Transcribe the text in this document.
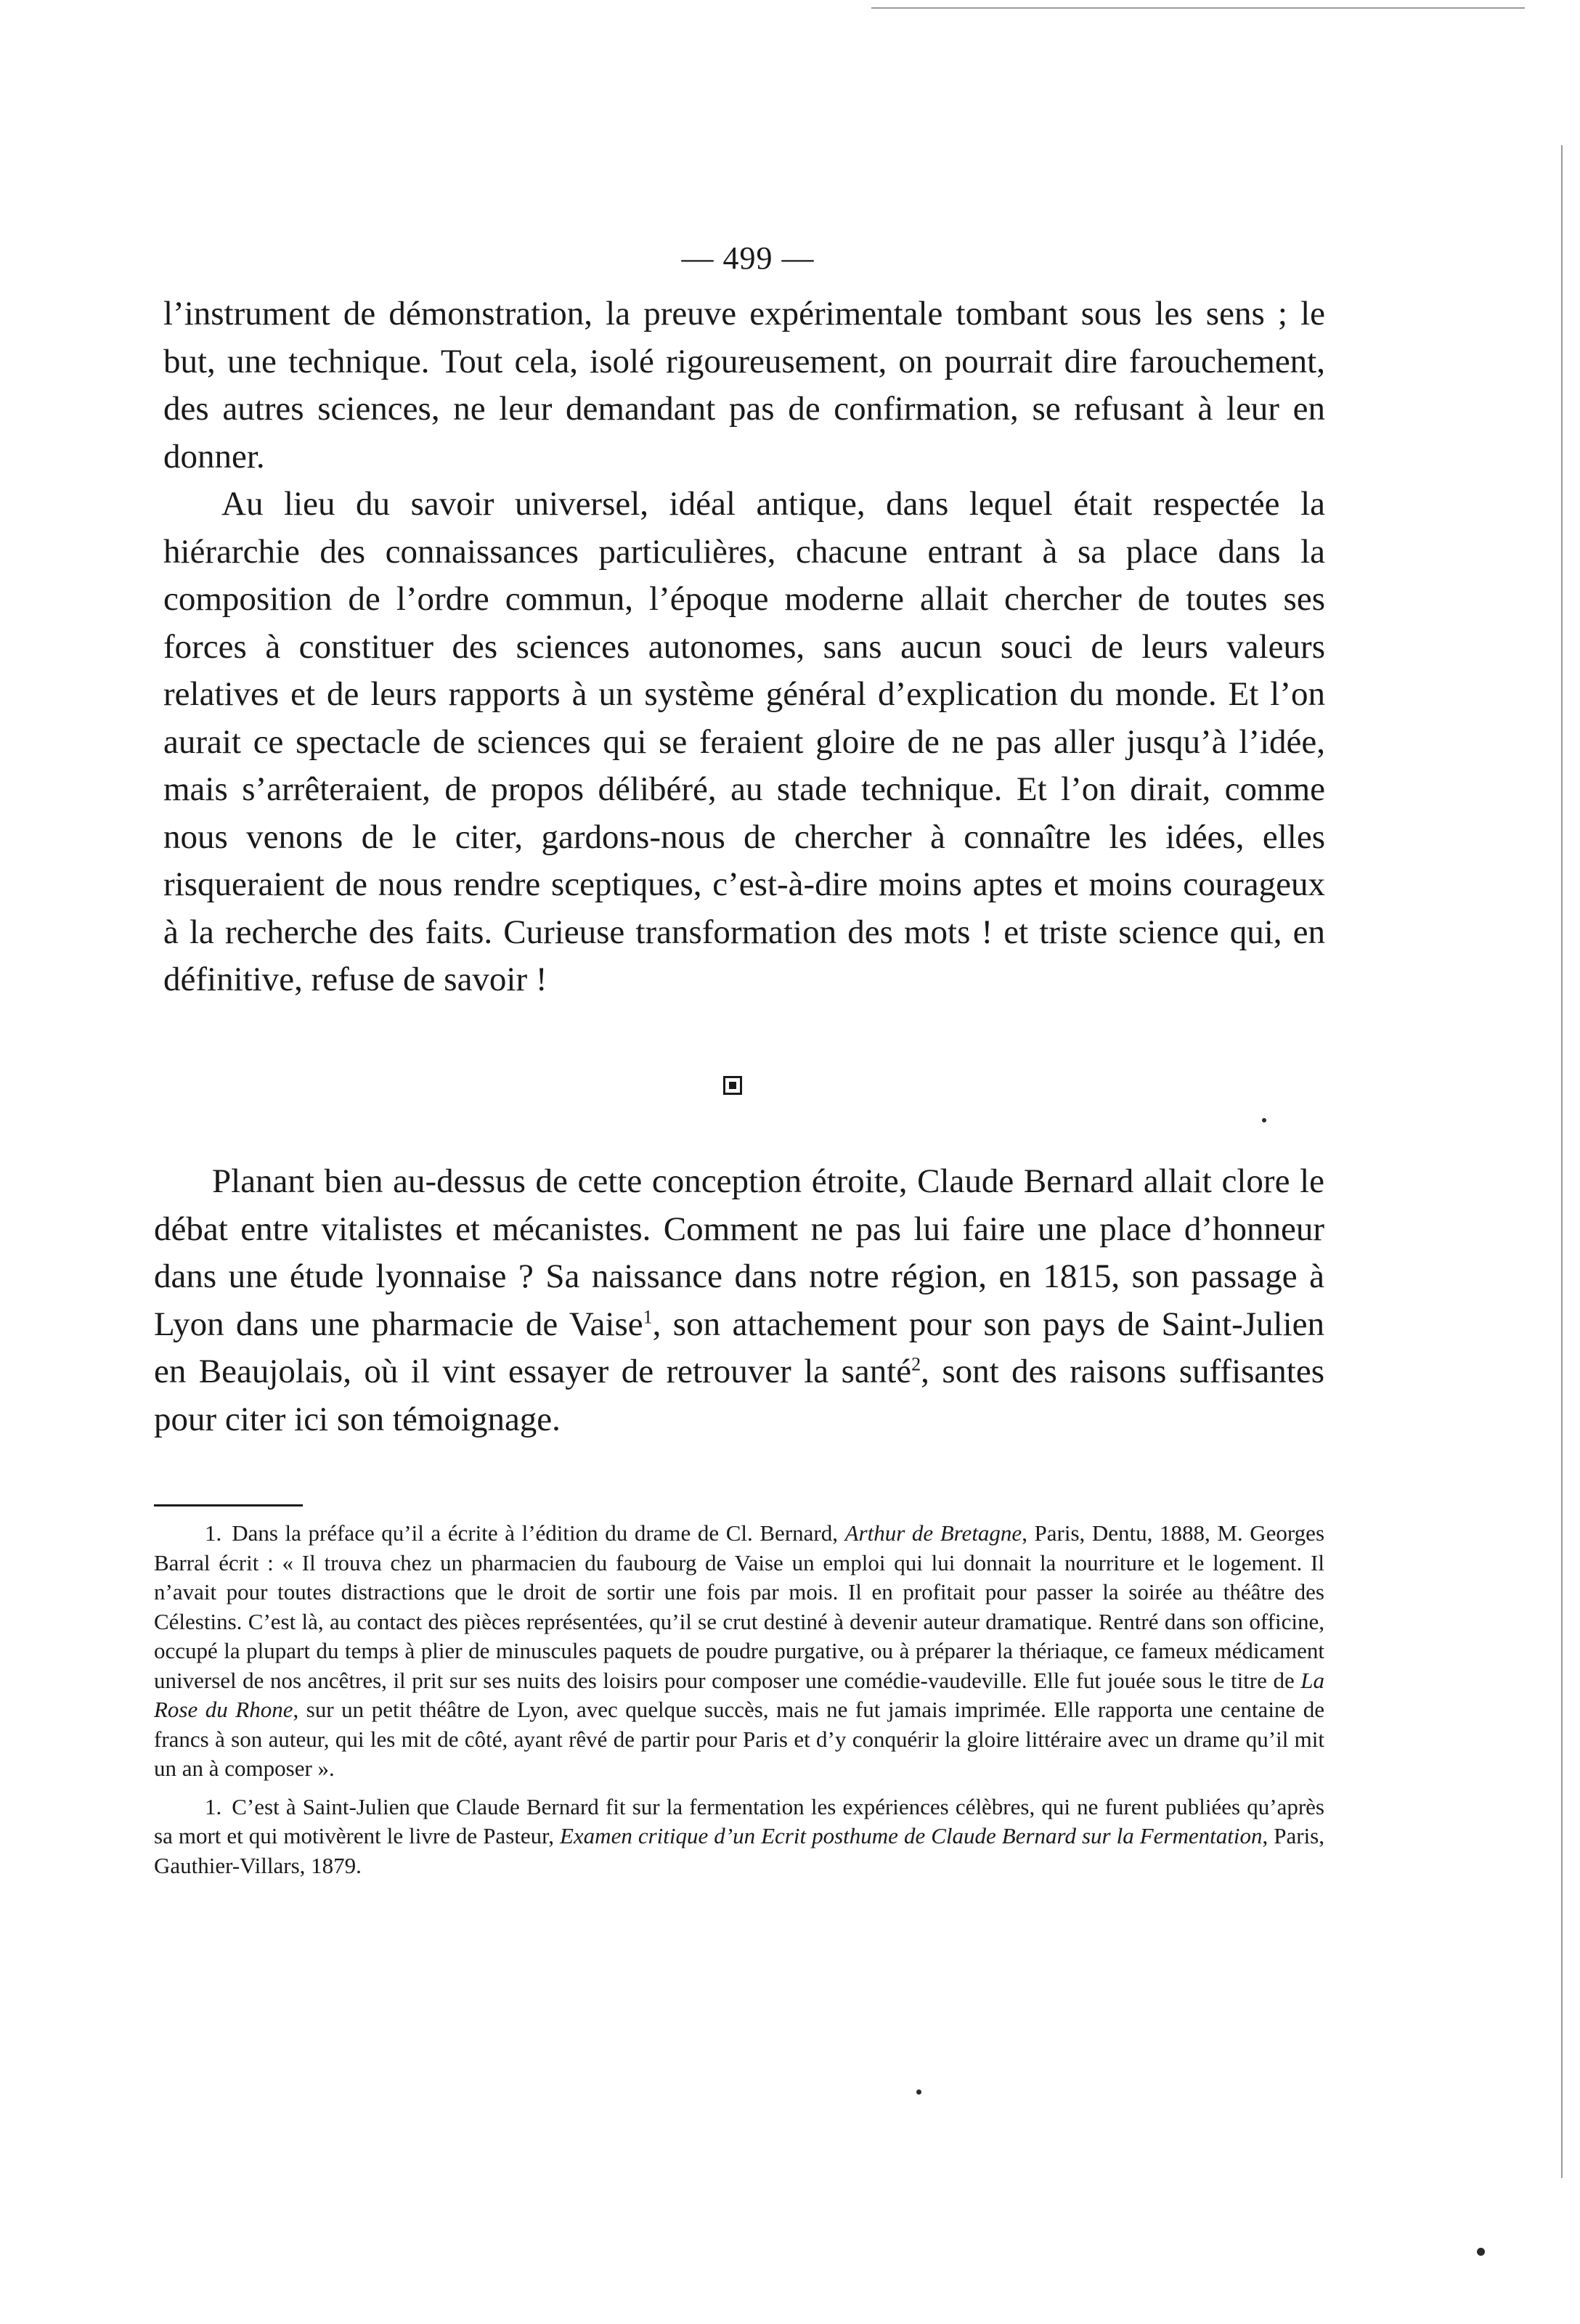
— 499 —

l’instrument de démonstration, la preuve expérimentale tombant sous les sens ; le but, une technique. Tout cela, isolé rigoureusement, on pourrait dire farouchement, des autres sciences, ne leur demandant pas de confirmation, se refusant à leur en donner.

Au lieu du savoir universel, idéal antique, dans lequel était respectée la hiérarchie des connaissances particulières, chacune entrant à sa place dans la composition de l’ordre commun, l’époque moderne allait chercher de toutes ses forces à constituer des sciences autonomes, sans aucun souci de leurs valeurs relatives et de leurs rapports à un système général d’explication du monde. Et l’on aurait ce spectacle de sciences qui se feraient gloire de ne pas aller jusqu’à l’idée, mais s’arrêteraient, de propos délibéré, au stade technique. Et l’on dirait, comme nous venons de le citer, gardons-nous de chercher à connaître les idées, elles risqueraient de nous rendre sceptiques, c’est-à-dire moins aptes et moins courageux à la recherche des faits. Curieuse transformation des mots ! et triste science qui, en définitive, refuse de savoir !

Planant bien au-dessus de cette conception étroite, Claude Bernard allait clore le débat entre vitalistes et mécanistes. Comment ne pas lui faire une place d’honneur dans une étude lyonnaise ? Sa naissance dans notre région, en 1815, son passage à Lyon dans une pharmacie de Vaise$^1$, son attachement pour son pays de Saint-Julien en Beaujolais, où il vint essayer de retrouver la santé$^2$, sont des raisons suffisantes pour citer ici son témoignage.

1. Dans la préface qu’il a écrite à l’édition du drame de Cl. Bernard, Arthur de Bretagne, Paris, Dentu, 1888, M. Georges Barral écrit : « Il trouva chez un pharmacien du faubourg de Vaise un emploi qui lui donnait la nourriture et le logement. Il n’avait pour toutes distractions que le droit de sortir une fois par mois. Il en profitait pour passer la soirée au théâtre des Célestins. C’est là, au contact des pièces représentées, qu’il se crut destiné à devenir auteur dramatique. Rentré dans son officine, occupé la plupart du temps à plier de minuscules paquets de poudre purgative, ou à préparer la thériaque, ce fameux médicament universel de nos ancêtres, il prit sur ses nuits des loisirs pour composer une comédie-vaudeville. Elle fut jouée sous le titre de La Rose du Rhone, sur un petit théâtre de Lyon, avec quelque succès, mais ne fut jamais imprimée. Elle rapporta une centaine de francs à son auteur, qui les mit de côté, ayant rêvé de partir pour Paris et d’y conquérir la gloire littéraire avec un drame qu’il mit un an à composer ».

1. C’est à Saint-Julien que Claude Bernard fit sur la fermentation les expériences célèbres, qui ne furent publiées qu’après sa mort et qui motivèrent le livre de Pasteur, Examen critique d’un Ecrit posthume de Claude Bernard sur la Fermentation, Paris, Gauthier-Villars, 1879.
